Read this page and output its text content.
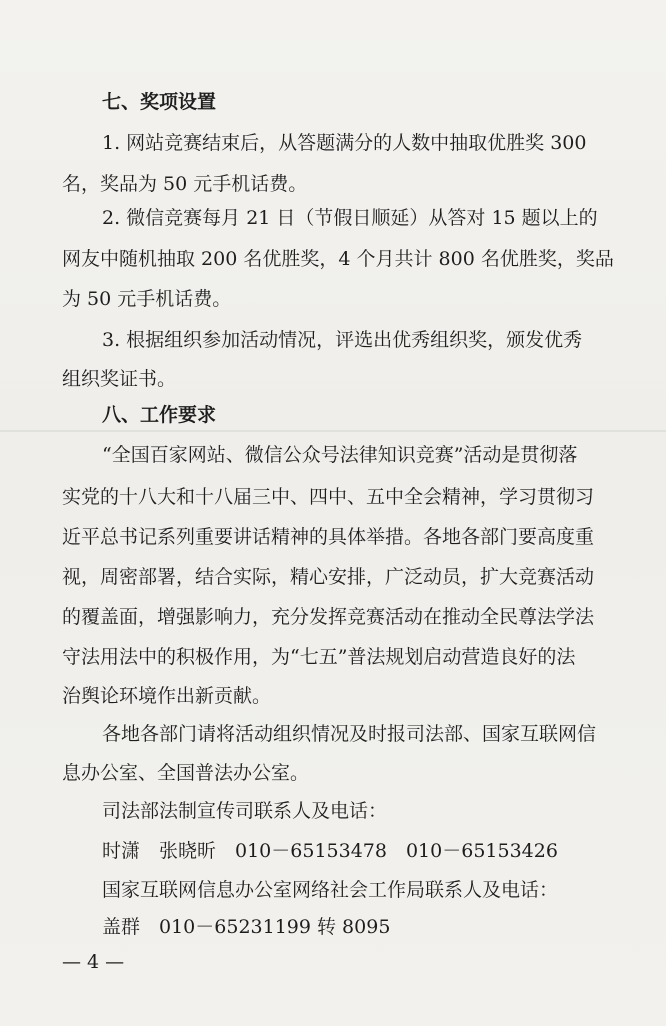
七、奖项设置
1. 网站竞赛结束后，从答题满分的人数中抽取优胜奖 300
名，奖品为 50 元手机话费。
2. 微信竞赛每月 21 日（节假日顺延）从答对 15 题以上的
网友中随机抽取 200 名优胜奖，4 个月共计 800 名优胜奖，奖品
为 50 元手机话费。
3. 根据组织参加活动情况，评选出优秀组织奖，颁发优秀
组织奖证书。
八、工作要求
“全国百家网站、微信公众号法律知识竞赛”活动是贯彻落
实党的十八大和十八届三中、四中、五中全会精神，学习贯彻习
近平总书记系列重要讲话精神的具体举措。各地各部门要高度重
视，周密部署，结合实际，精心安排，广泛动员，扩大竞赛活动
的覆盖面，增强影响力，充分发挥竞赛活动在推动全民尊法学法
守法用法中的积极作用，为“七五”普法规划启动营造良好的法
治舆论环境作出新贡献。
各地各部门请将活动组织情况及时报司法部、国家互联网信
息办公室、全国普法办公室。
司法部法制宣传司联系人及电话：
时潇　张晓昕　010－65153478　010－65153426
国家互联网信息办公室网络社会工作局联系人及电话：
盖群　010－65231199 转 8095
— 4 —
